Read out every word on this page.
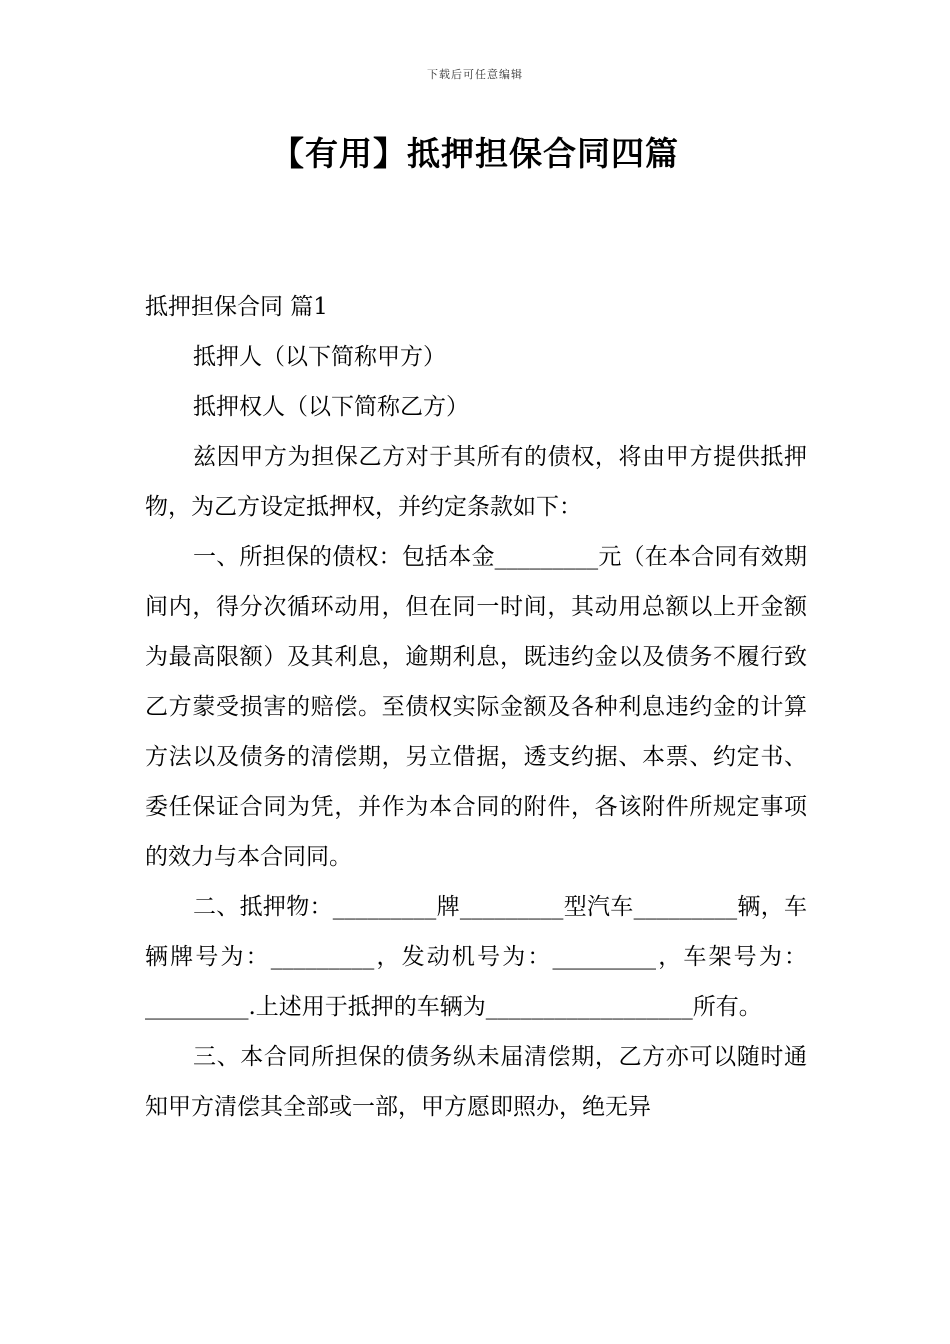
下载后可任意编辑
【有用】抵押担保合同四篇

抵押担保合同 篇1

抵押人（以下简称甲方）

抵押权人（以下简称乙方）

兹因甲方为担保乙方对于其所有的债权，将由甲方提供抵押物，为乙方设定抵押权，并约定条款如下：

一、所担保的债权：包括本金_________元（在本合同有效期间内，得分次循环动用，但在同一时间，其动用总额以上开金额为最高限额）及其利息，逾期利息，既违约金以及债务不履行致乙方蒙受损害的赔偿。至债权实际金额及各种利息违约金的计算方法以及债务的清偿期，另立借据，透支约据、本票、约定书、委任保证合同为凭，并作为本合同的附件，各该附件所规定事项的效力与本合同同。

二、抵押物：_________牌_________型汽车_________辆，车辆牌号为：_________，发动机号为：_________，车架号为：_________.上述用于抵押的车辆为__________________所有。

三、本合同所担保的债务纵未届清偿期，乙方亦可以随时通知甲方清偿其全部或一部，甲方愿即照办，绝无异
